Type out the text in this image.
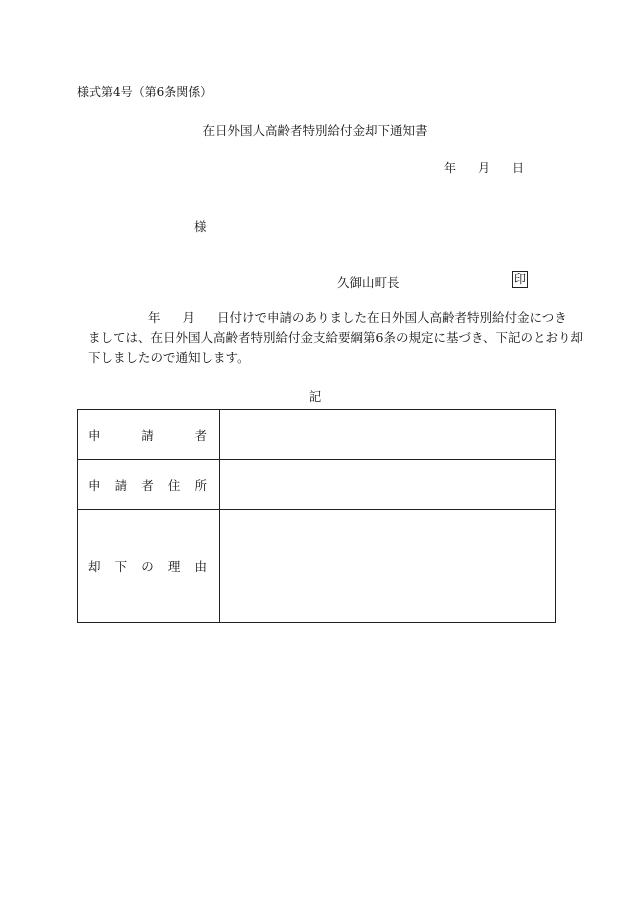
様式第4号（第6条関係）
在日外国人高齢者特別給付金却下通知書
年 月 日
様
久御山町長	印
年 月 日付けで申請のありました在日外国人高齢者特別給付金につき
ましては、在日外国人高齢者特別給付金支給要綱第6条の規定に基づき、下記のとおり却
下しましたので通知します。
記
申 請 者	

申 請 者 住 所	

却 下 の 理 由	
